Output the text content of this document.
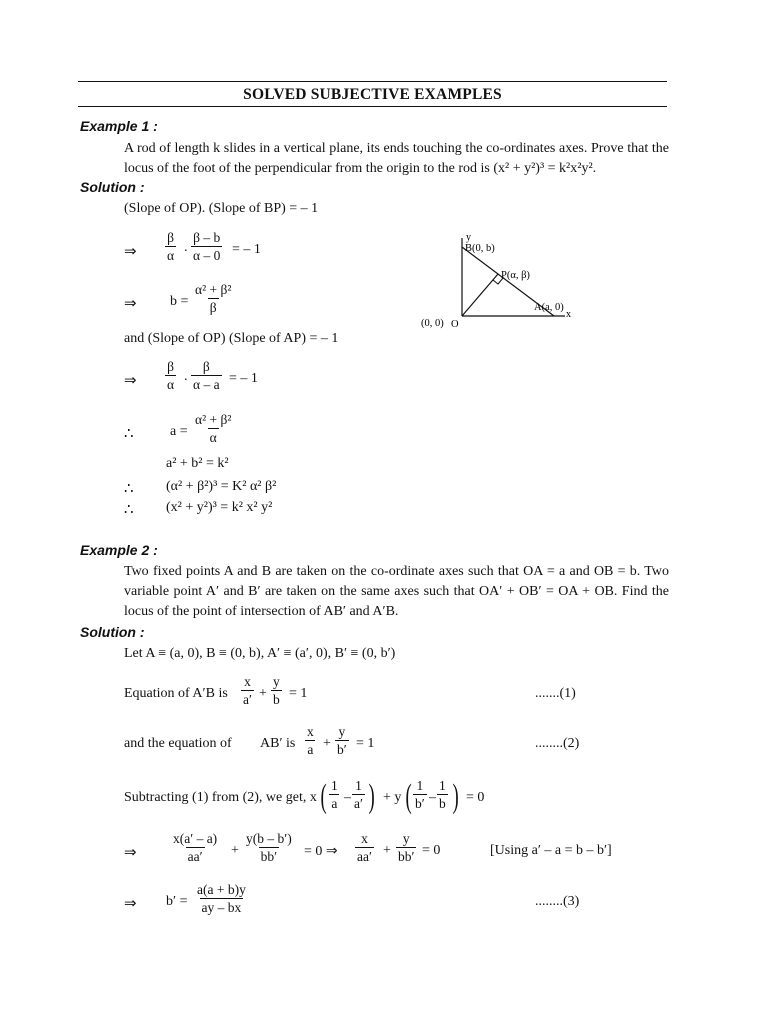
SOLVED SUBJECTIVE EXAMPLES
Example 1 :
A rod of length k slides in a vertical plane, its ends touching the co-ordinates axes. Prove that the locus of the foot of the perpendicular from the origin to the rod is (x² + y²)³ = k²x²y².
Solution :
(Slope of OP). (Slope of BP) = – 1
⇒ $\frac{\beta}{\alpha}$ . $\frac{\beta - b}{\alpha - 0}$ = – 1
⇒ $b = \frac{\text{α² + β²}}{\beta}$
and (Slope of OP) (Slope of AP) = – 1
⇒ $\frac{\beta}{\alpha}$ . $\frac{\beta}{\alpha - a}$ = – 1
∴	$a = \frac{\text{α² + β²}}{\alpha}$
a² + b² = k²
∴ (α² + β²)³ = K² α² β²
∴ (x² + y²)³ = k² x² y²
y
B(0, b)
P(α, β)
A(a, 0)
x
(0, 0) O
Example 2 :
Two fixed points A and B are taken on the co-ordinate axes such that OA = a and OB = b. Two variable point A′ and B′ are taken on the same axes such that OA′ + OB′ = OA + OB. Find the locus of the point of intersection of AB′ and A′B.
Solution :
Let A ≡ (a, 0), B ≡ (0, b), A′ ≡ (a′, 0), B′ ≡ (0, b′)
Equation of A′B is $\frac{x}{a'} + \frac{y}{b} = 1$	.......(1)
and the equation of AB′ is $\frac{x}{a} + \frac{y}{b'} = 1$	........(2)
Subtracting (1) from (2), we get, x ( $\frac{1}{a} - \frac{1}{a'}$ ) + y ( $\frac{1}{b'} - \frac{1}{b}$ ) = 0
⇒	$\frac{x(a' - a)}{aa'} + \frac{y(b - b')}{bb'} = 0$ ⇒ $\frac{x}{aa'} + \frac{y}{bb'} = 0$	[Using a′ – a = b – b′]
⇒ $b' = \frac{a(a + b)y}{ay - bx}$	........(3)
